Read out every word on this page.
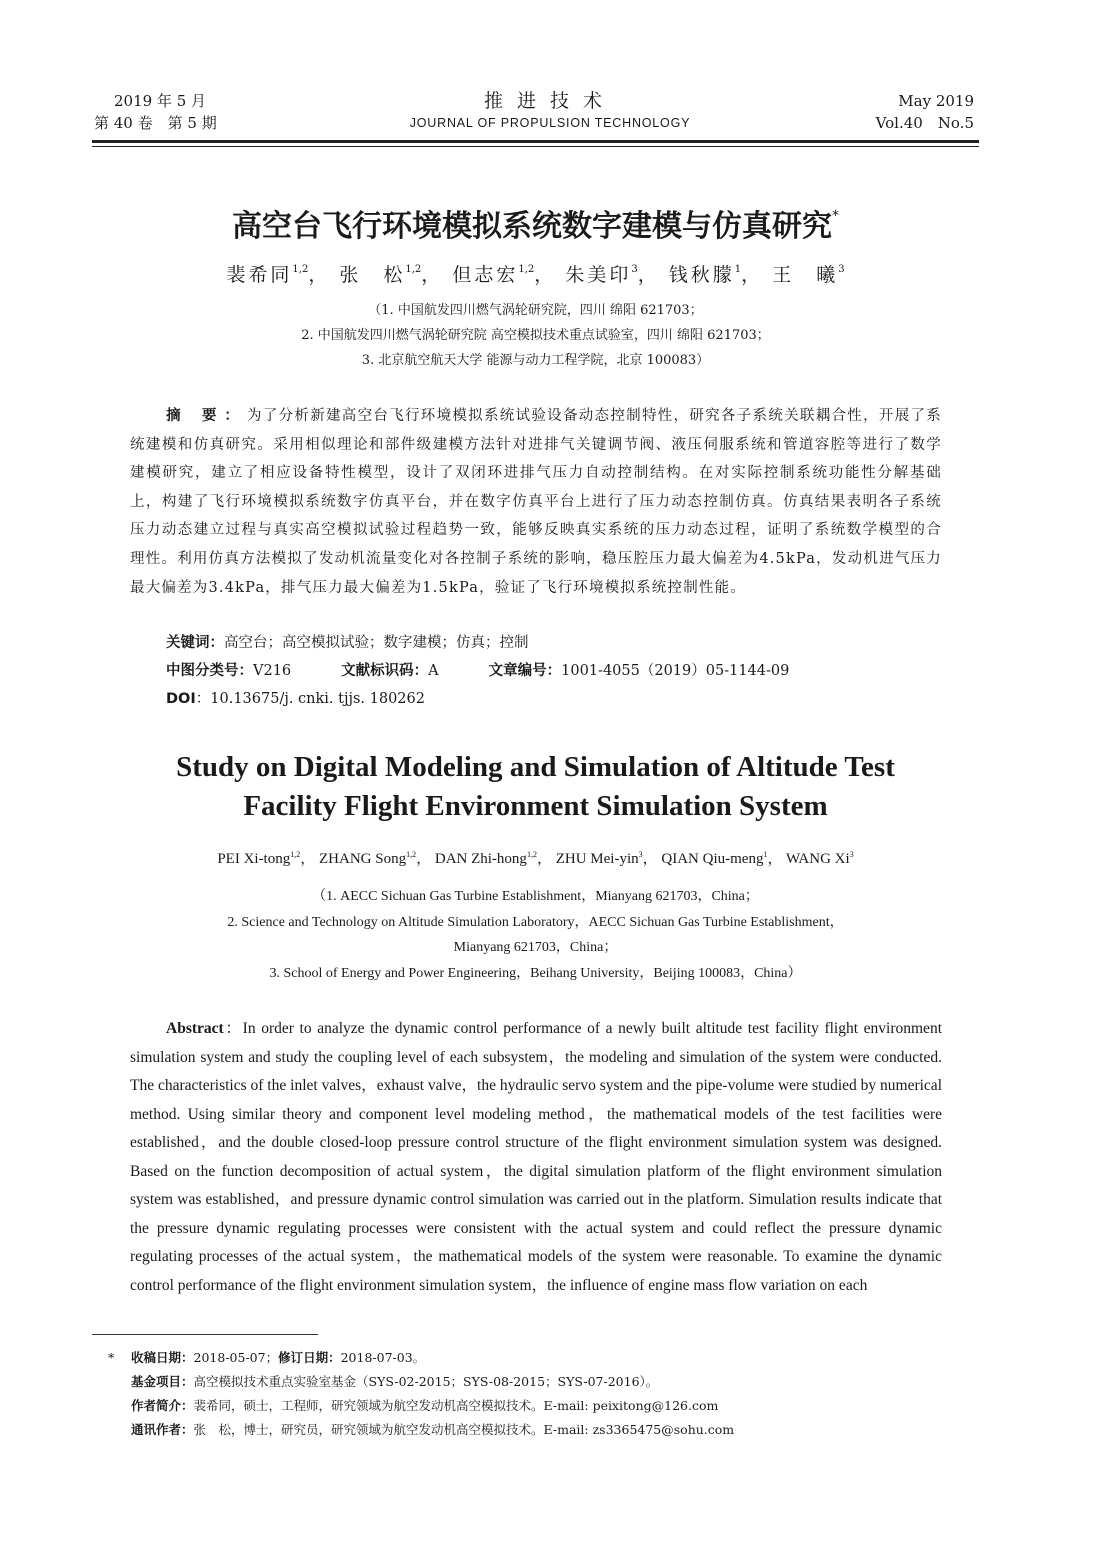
2019 年 5 月
第 40 卷　第 5 期
推进技术
JOURNAL OF PROPULSION TECHNOLOGY
May 2019
Vol.40　No.5
高空台飞行环境模拟系统数字建模与仿真研究*
裴希同$^{1,2}$， 张　松$^{1,2}$， 但志宏$^{1,2}$， 朱美印$^3$， 钱秋朦$^1$， 王　曦$^3$
（1. 中国航发四川燃气涡轮研究院，四川 绵阳 621703；
2. 中国航发四川燃气涡轮研究院 高空模拟技术重点试验室，四川 绵阳 621703；
3. 北京航空航天大学 能源与动力工程学院，北京 100083）
摘 要：为了分析新建高空台飞行环境模拟系统试验设备动态控制特性，研究各子系统关联耦合性，开展了系统建模和仿真研究。采用相似理论和部件级建模方法针对进排气关键调节阀、液压伺服系统和管道容腔等进行了数学建模研究，建立了相应设备特性模型，设计了双闭环进排气压力自动控制结构。在对实际控制系统功能性分解基础上，构建了飞行环境模拟系统数字仿真平台，并在数字仿真平台上进行了压力动态控制仿真。仿真结果表明各子系统压力动态建立过程与真实高空模拟试验过程趋势一致，能够反映真实系统的压力动态过程，证明了系统数学模型的合理性。利用仿真方法模拟了发动机流量变化对各控制子系统的影响，稳压腔压力最大偏差为4.5kPa，发动机进气压力最大偏差为3.4kPa，排气压力最大偏差为1.5kPa，验证了飞行环境模拟系统控制性能。
关键词：高空台；高空模拟试验；数字建模；仿真；控制
中图分类号：V216	文献标识码：A	文章编号：1001-4055（2019）05-1144-09
DOI：10.13675/j. cnki. tjjs. 180262
Study on Digital Modeling and Simulation of Altitude Test
Facility Flight Environment Simulation System
PEI Xi-tong$^{1,2}$， ZHANG Song$^{1,2}$， DAN Zhi-hong$^{1,2}$， ZHU Mei-yin$^3$， QIAN Qiu-meng$^1$， WANG Xi$^3$
（1. AECC Sichuan Gas Turbine Establishment，Mianyang 621703，China；
2. Science and Technology on Altitude Simulation Laboratory，AECC Sichuan Gas Turbine Establishment，
Mianyang 621703，China；
3. School of Energy and Power Engineering，Beihang University，Beijing 100083，China）
Abstract：In order to analyze the dynamic control performance of a newly built altitude test facility flight environment simulation system and study the coupling level of each subsystem，the modeling and simulation of the system were conducted. The characteristics of the inlet valves，exhaust valve，the hydraulic servo system and the pipe-volume were studied by numerical method. Using similar theory and component level modeling method，the mathematical models of the test facilities were established，and the double closed-loop pressure control structure of the flight environment simulation system was designed. Based on the function decomposition of actual system，the digital simulation platform of the flight environment simulation system was established，and pressure dynamic control simulation was carried out in the platform. Simulation results indicate that the pressure dynamic regulating processes were consistent with the actual system and could reflect the pressure dynamic regulating processes of the actual system，the mathematical models of the system were reasonable. To examine the dynamic control performance of the flight environment simulation system，the influence of engine mass flow variation on each
* 收稿日期：2018-05-07；修订日期：2018-07-03。
基金项目：高空模拟技术重点实验室基金（SYS-02-2015；SYS-08-2015；SYS-07-2016）。
作者简介：裴希同，硕士，工程师，研究领域为航空发动机高空模拟技术。E-mail: peixitong@126.com
通讯作者：张　松，博士，研究员，研究领域为航空发动机高空模拟技术。E-mail: zs3365475@sohu.com
